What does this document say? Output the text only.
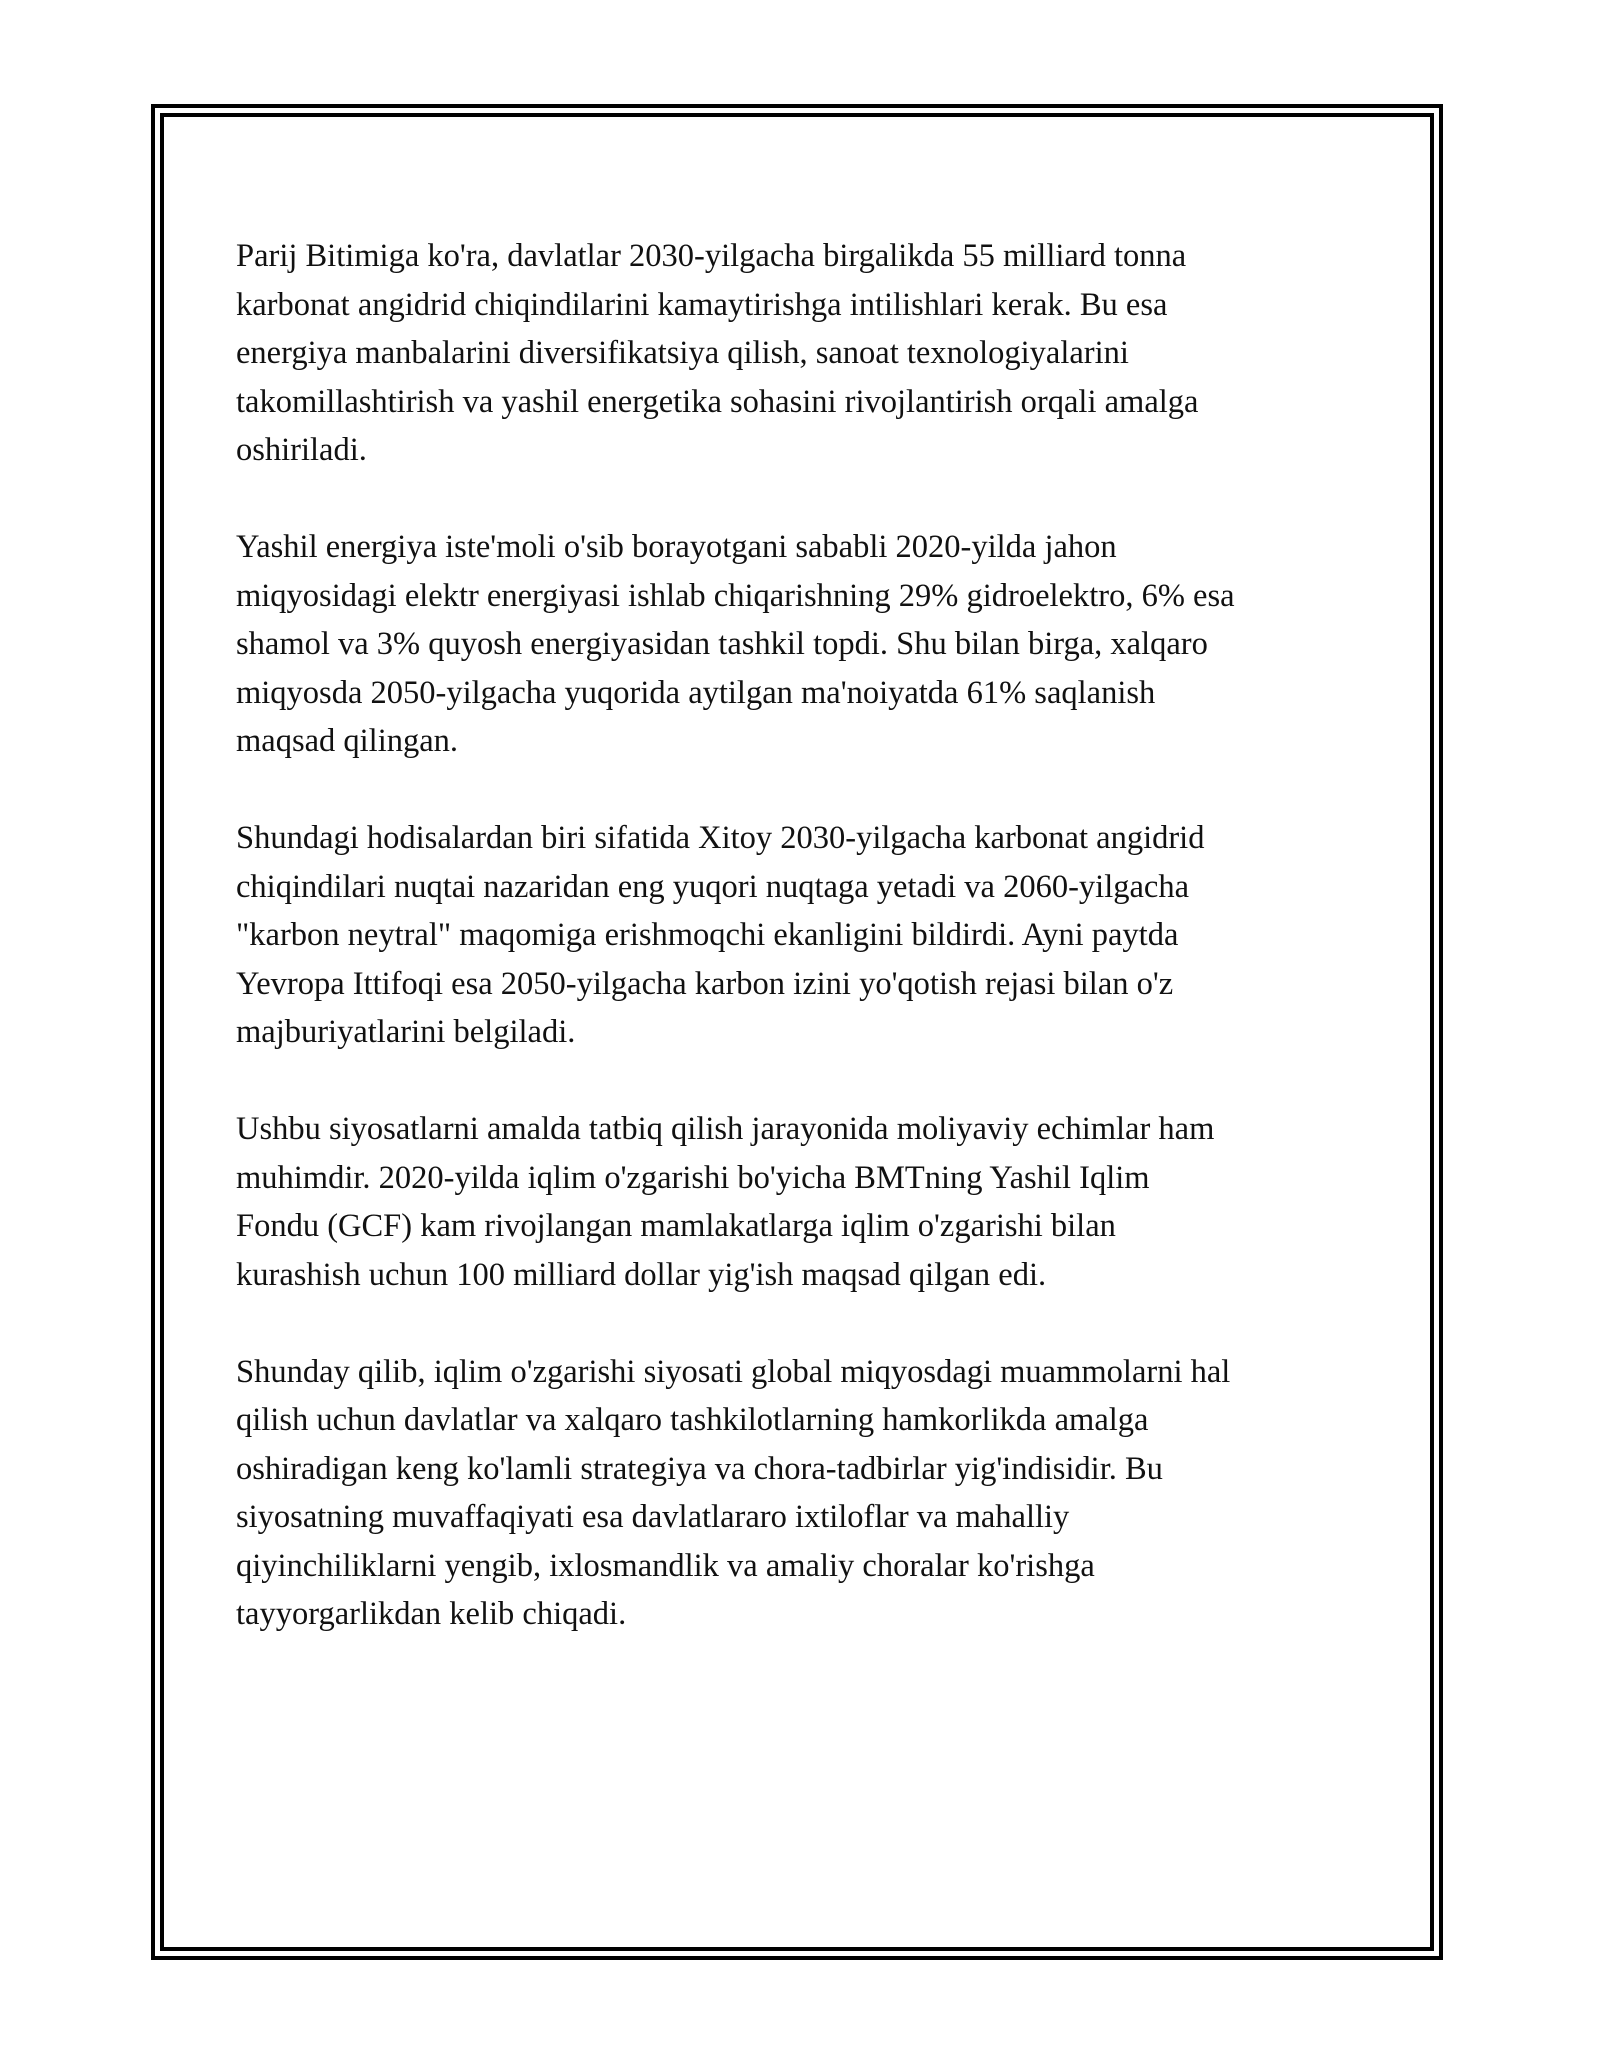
Parij Bitimiga ko'ra, davlatlar 2030-yilgacha birgalikda 55 milliard tonna
karbonat angidrid chiqindilarini kamaytirishga intilishlari kerak. Bu esa
energiya manbalarini diversifikatsiya qilish, sanoat texnologiyalarini
takomillashtirish va yashil energetika sohasini rivojlantirish orqali amalga
oshiriladi.

Yashil energiya iste'moli o'sib borayotgani sababli 2020-yilda jahon
miqyosidagi elektr energiyasi ishlab chiqarishning 29% gidroelektro, 6% esa
shamol va 3% quyosh energiyasidan tashkil topdi. Shu bilan birga, xalqaro
miqyosda 2050-yilgacha yuqorida aytilgan ma'noiyatda 61% saqlanish
maqsad qilingan.

Shundagi hodisalardan biri sifatida Xitoy 2030-yilgacha karbonat angidrid
chiqindilari nuqtai nazaridan eng yuqori nuqtaga yetadi va 2060-yilgacha
"karbon neytral" maqomiga erishmoqchi ekanligini bildirdi. Ayni paytda
Yevropa Ittifoqi esa 2050-yilgacha karbon izini yo'qotish rejasi bilan o'z
majburiyatlarini belgiladi.

Ushbu siyosatlarni amalda tatbiq qilish jarayonida moliyaviy echimlar ham
muhimdir. 2020-yilda iqlim o'zgarishi bo'yicha BMTning Yashil Iqlim
Fondu (GCF) kam rivojlangan mamlakatlarga iqlim o'zgarishi bilan
kurashish uchun 100 milliard dollar yig'ish maqsad qilgan edi.

Shunday qilib, iqlim o'zgarishi siyosati global miqyosdagi muammolarni hal
qilish uchun davlatlar va xalqaro tashkilotlarning hamkorlikda amalga
oshiradigan keng ko'lamli strategiya va chora-tadbirlar yig'indisidir. Bu
siyosatning muvaffaqiyati esa davlatlararo ixtiloflar va mahalliy
qiyinchiliklarni yengib, ixlosmandlik va amaliy choralar ko'rishga
tayyorgarlikdan kelib chiqadi.
